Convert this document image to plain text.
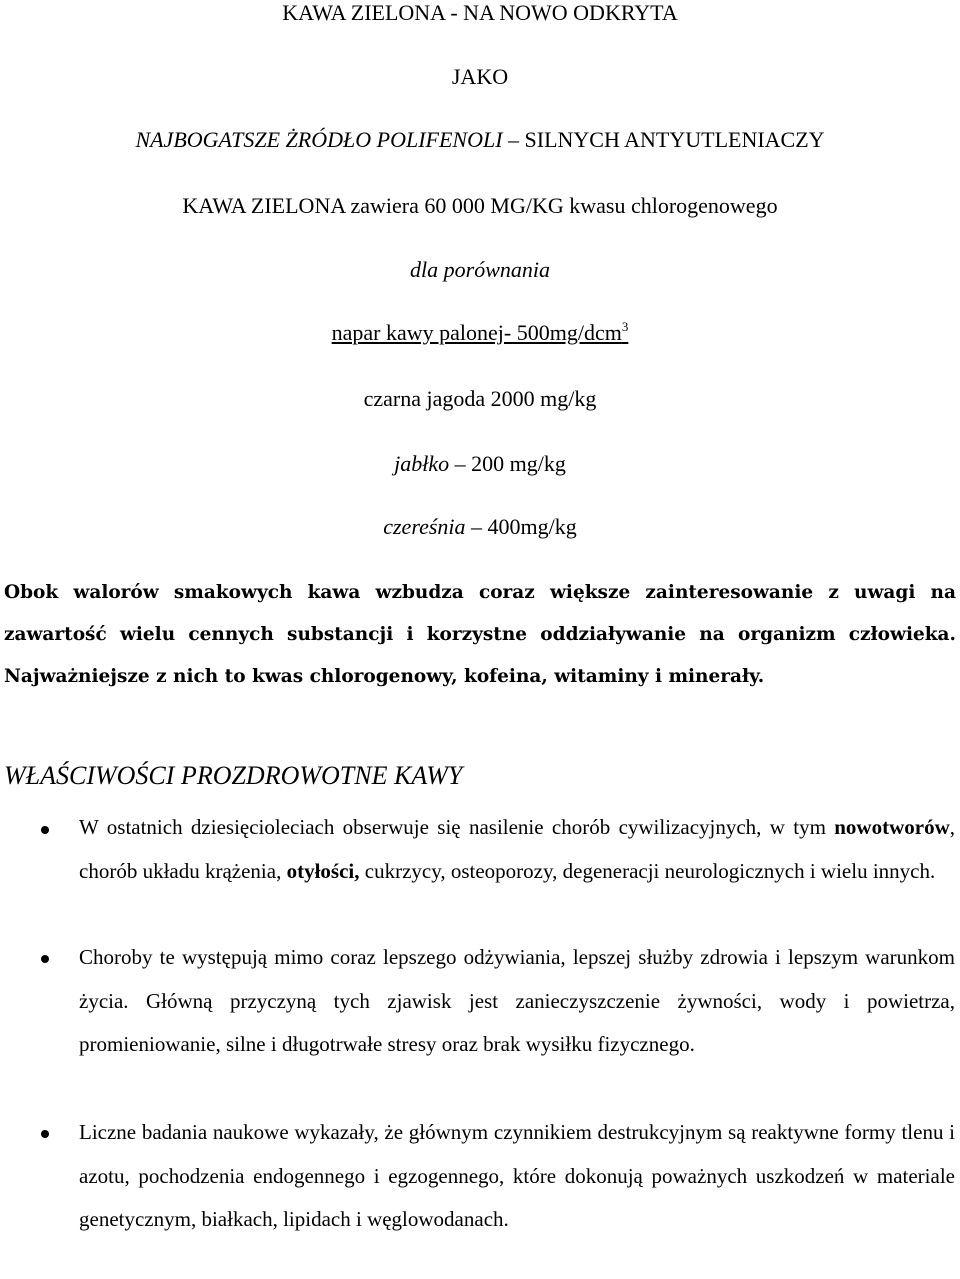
KAWA ZIELONA - NA NOWO ODKRYTA
JAKO
NAJBOGATSZE ŻRÓDŁO POLIFENOLI – SILNYCH ANTYUTLENIACZY
KAWA ZIELONA zawiera 60 000 MG/KG kwasu chlorogenowego
dla porównania
napar kawy palonej- 500mg/dcm$^3$
czarna jagoda 2000 mg/kg
jabłko – 200 mg/kg
czereśnia – 400mg/kg

Obok walorów smakowych kawa wzbudza coraz większe zainteresowanie z uwagi na zawartość wielu cennych substancji i korzystne oddziaływanie na organizm człowieka. Najważniejsze z nich to kwas chlorogenowy, kofeina, witaminy i minerały.

WŁAŚCIWOŚCI PROZDROWOTNE KAWY

W ostatnich dziesięcioleciach obserwuje się nasilenie chorób cywilizacyjnych, w tym nowotworów, chorób układu krążenia, otyłości, cukrzycy, osteoporozy, degeneracji neurologicznych i wielu innych.

Choroby te występują mimo coraz lepszego odżywiania, lepszej służby zdrowia i lepszym warunkom życia. Główną przyczyną tych zjawisk jest zanieczyszczenie żywności, wody i powietrza, promieniowanie, silne i długotrwałe stresy oraz brak wysiłku fizycznego.

Liczne badania naukowe wykazały, że głównym czynnikiem destrukcyjnym są reaktywne formy tlenu i azotu, pochodzenia endogennego i egzogennego, które dokonują poważnych uszkodzeń w materiale genetycznym, białkach, lipidach i węglowodanach.
